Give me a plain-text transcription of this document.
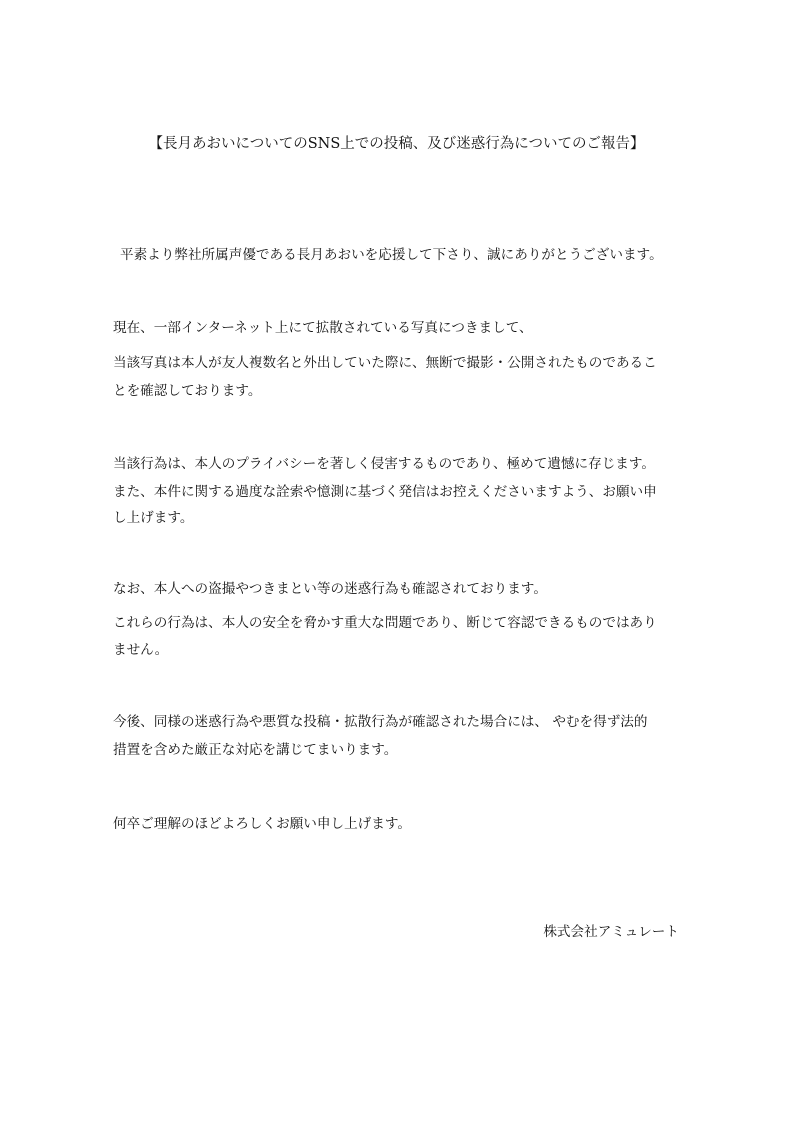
【長月あおいについてのSNS上での投稿、及び迷惑行為についてのご報告】
平素より弊社所属声優である長月あおいを応援して下さり、誠にありがとうございます。
現在、一部インターネット上にて拡散されている写真につきまして、
当該写真は本人が友人複数名と外出していた際に、無断で撮影・公開されたものであるこ
とを確認しております。
当該行為は、本人のプライバシーを著しく侵害するものであり、極めて遺憾に存じます。
また、本件に関する過度な詮索や憶測に基づく発信はお控えくださいますよう、お願い申
し上げます。
なお、本人への盗撮やつきまとい等の迷惑行為も確認されております。
これらの行為は、本人の安全を脅かす重大な問題であり、断じて容認できるものではあり
ません。
今後、同様の迷惑行為や悪質な投稿・拡散行為が確認された場合には、 やむを得ず法的
措置を含めた厳正な対応を講じてまいります。
何卒ご理解のほどよろしくお願い申し上げます。
株式会社アミュレート
